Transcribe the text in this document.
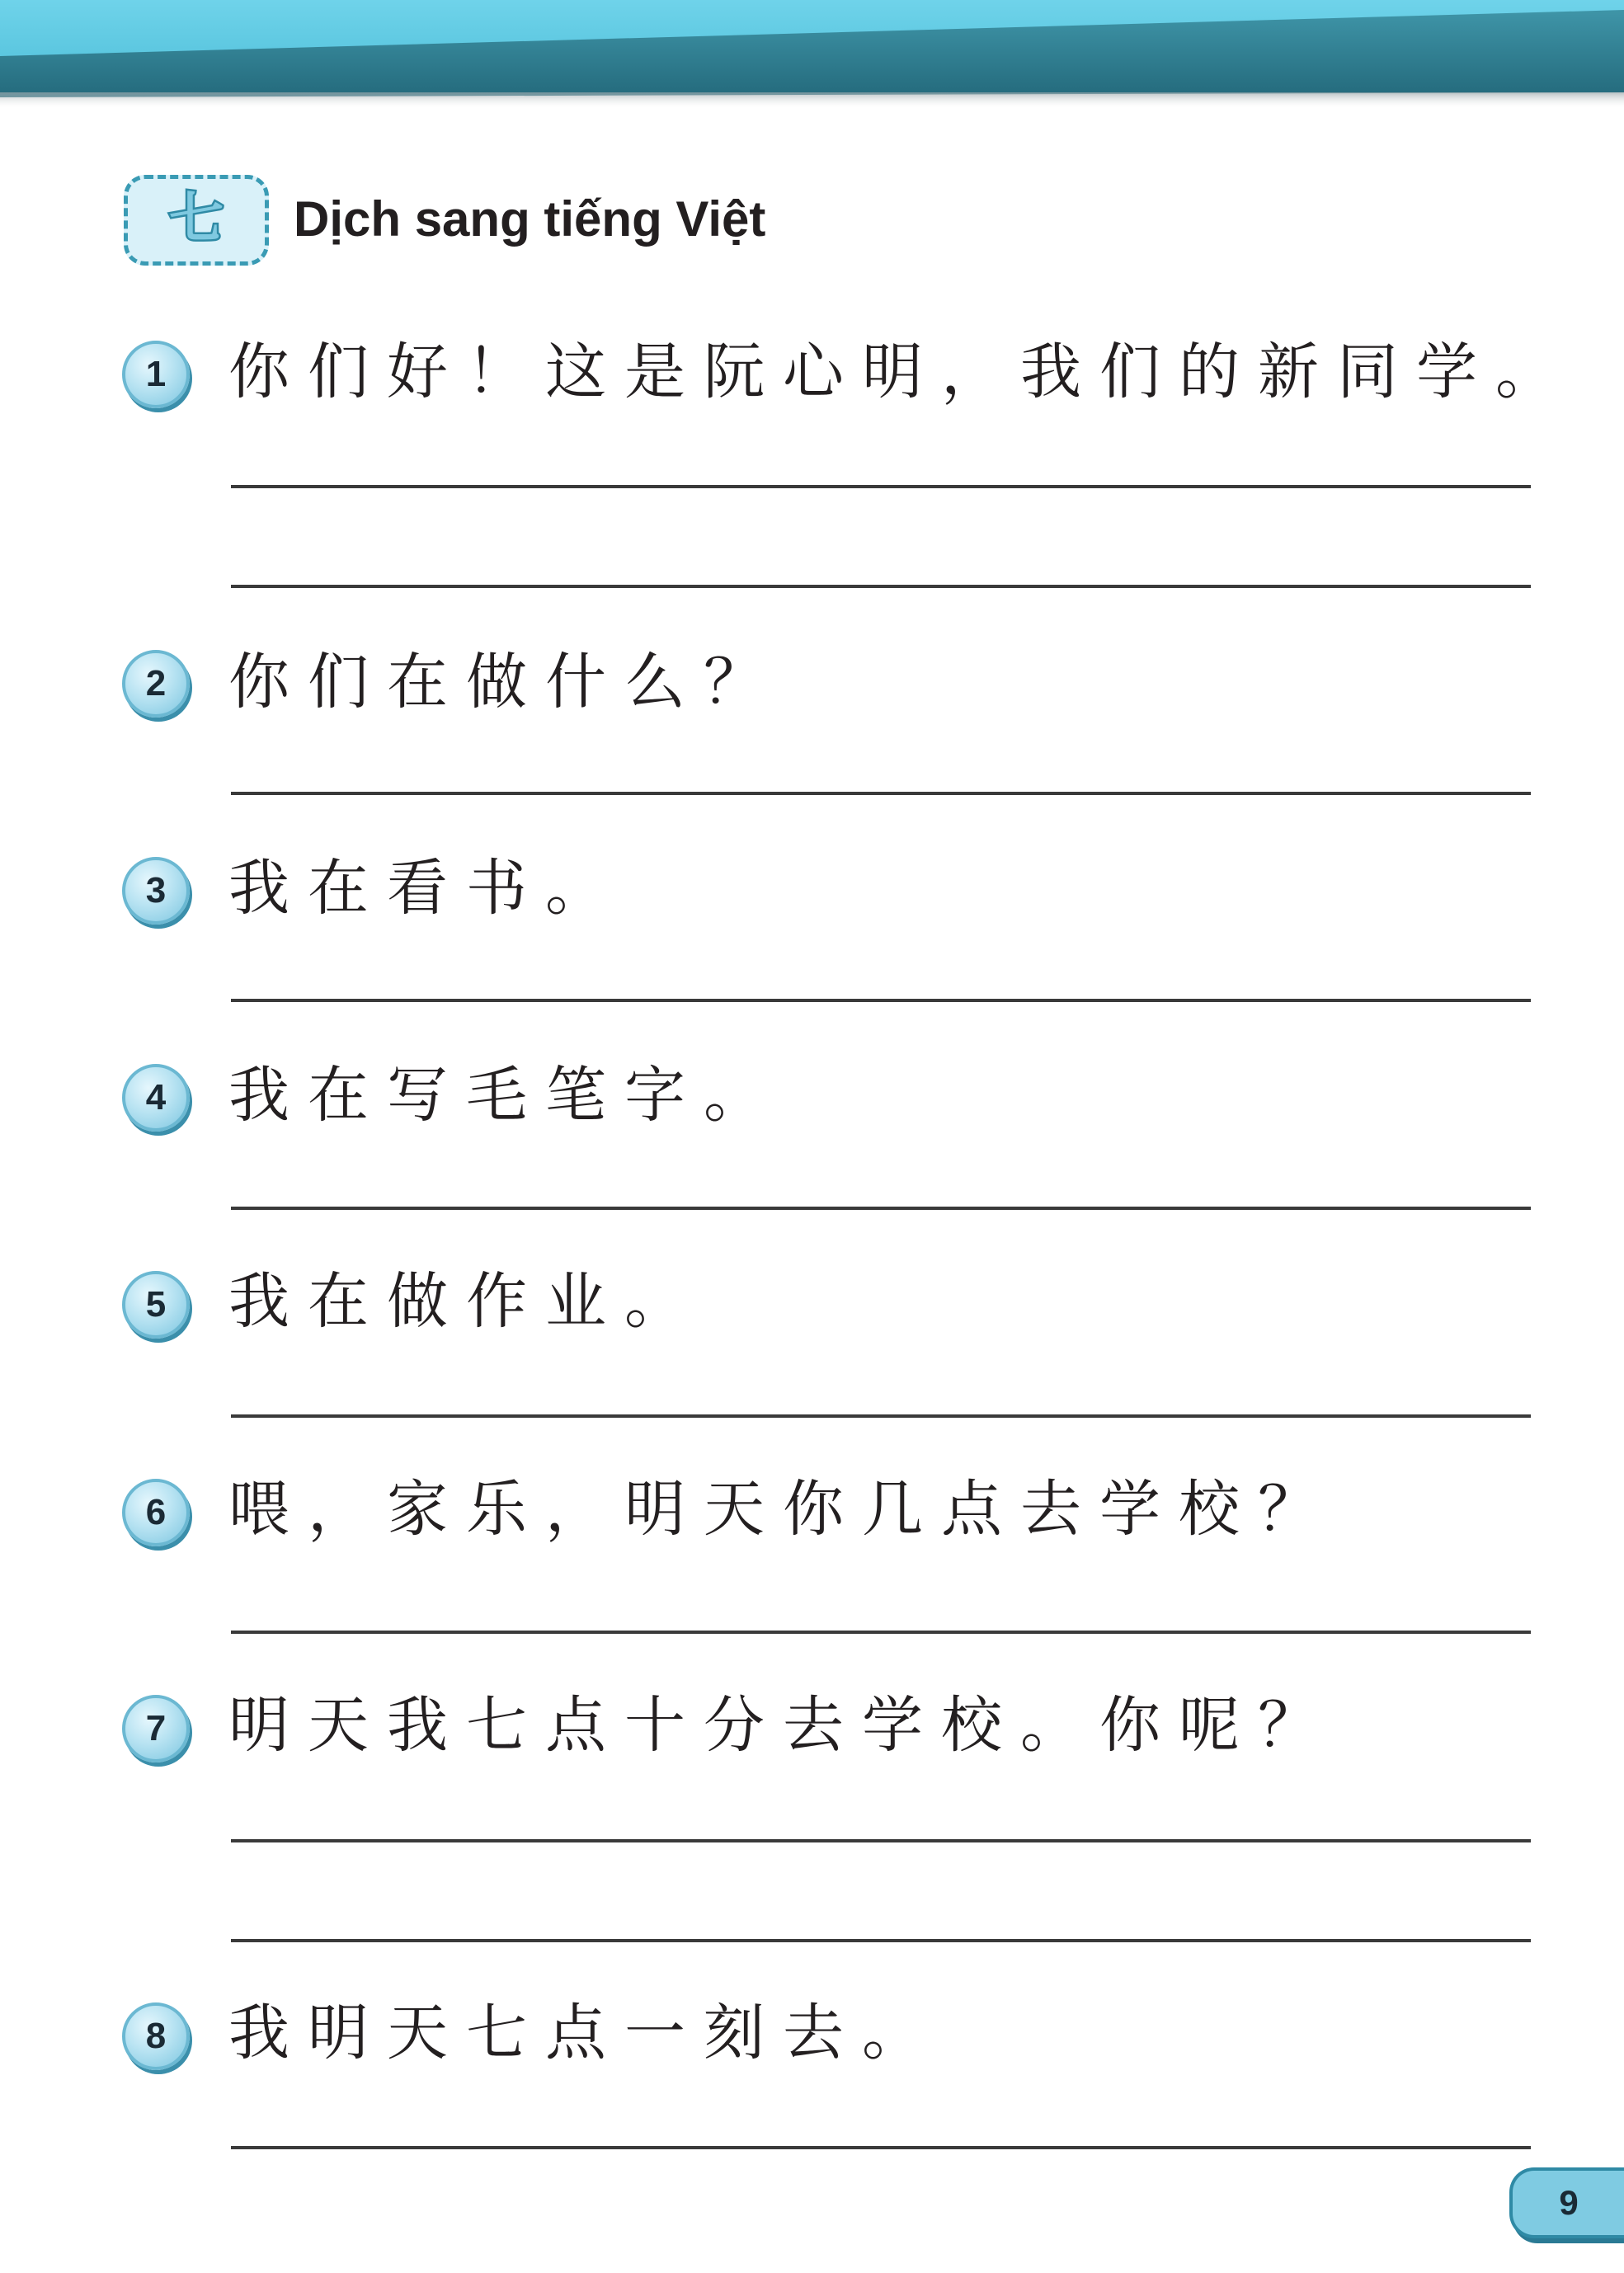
七 Dịch sang tiếng Việt
1	你们好！这是阮心明，我们的新同学。
2	你们在做什么？
3	我在看书。
4	我在写毛笔字。
5	我在做作业。
6	喂，家乐，明天你几点去学校？
7	明天我七点十分去学校。你呢？
8	我明天七点一刻去。
9
